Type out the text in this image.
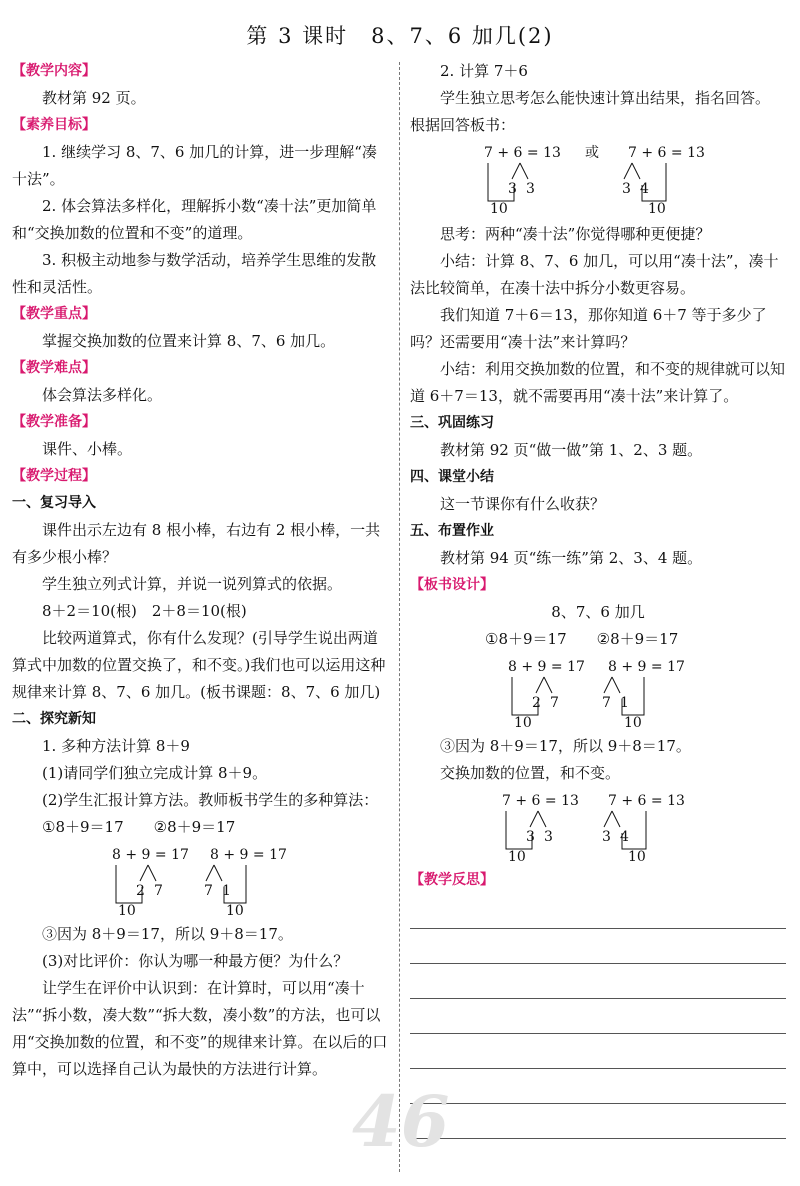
第 3 课时　8、7、6 加几(2)
【教学内容】

教材第 92 页。

【素养目标】

1. 继续学习 8、7、6 加几的计算，进一步理解“凑十法”。

2. 体会算法多样化，理解拆小数“凑十法”更加简单和“交换加数的位置和不变”的道理。

3. 积极主动地参与数学活动，培养学生思维的发散性和灵活性。

【教学重点】

掌握交换加数的位置来计算 8、7、6 加几。

【教学难点】

体会算法多样化。

【教学准备】

课件、小棒。

【教学过程】
一、复习导入

课件出示左边有 8 根小棒，右边有 2 根小棒，一共有多少根小棒？

学生独立列式计算，并说一说列算式的依据。

8＋2＝10(根)　2＋8＝10(根)

比较两道算式，你有什么发现？(引导学生说出两道算式中加数的位置交换了，和不变。)我们也可以运用这种规律来计算 8、7、6 加几。(板书课题：8、7、6 加几)

二、探究新知

1. 多种方法计算 8＋9

(1)请同学们独立完成计算 8＋9。

(2)学生汇报计算方法。教师板书学生的多种算法：

①8＋9＝17　　②8＋9＝17

8 + 9 = 17
2 7
10
8 + 9 = 17
7 1
10

③因为 8＋9＝17，所以 9＋8＝17。

(3)对比评价：你认为哪一种最方便？为什么？

让学生在评价中认识到：在计算时，可以用“凑十法”“拆小数，凑大数”“拆大数，凑小数”的方法，也可以用“交换加数的位置，和不变”的规律来计算。在以后的口算中，可以选择自己认为最快的方法进行计算。

2. 计算 7＋6

学生独立思考怎么能快速计算出结果，指名回答。

根据回答板书：

7 + 6 = 13
3 3
10
或 7 + 6 = 13
3 4
10

思考：两种“凑十法”你觉得哪种更便捷？

小结：计算 8、7、6 加几，可以用“凑十法”，凑十法比较简单，在凑十法中拆分小数更容易。

我们知道 7＋6＝13，那你知道 6＋7 等于多少了吗？还需要用“凑十法”来计算吗？

小结：利用交换加数的位置，和不变的规律就可以知道 6＋7＝13，就不需要再用“凑十法”来计算了。

三、巩固练习

教材第 92 页“做一做”第 1、2、3 题。

四、课堂小结

这一节课你有什么收获？

五、布置作业

教材第 94 页“练一练”第 2、3、4 题。

【板书设计】

8、7、6 加几

①8＋9＝17　　②8＋9＝17

8 + 9 = 17
2 7
10
8 + 9 = 17
7 1
10

③因为 8＋9＝17，所以 9＋8＝17。

交换加数的位置，和不变。

7 + 6 = 13
3 3
10
7 + 6 = 13
3 4
10
【教学反思】
46
